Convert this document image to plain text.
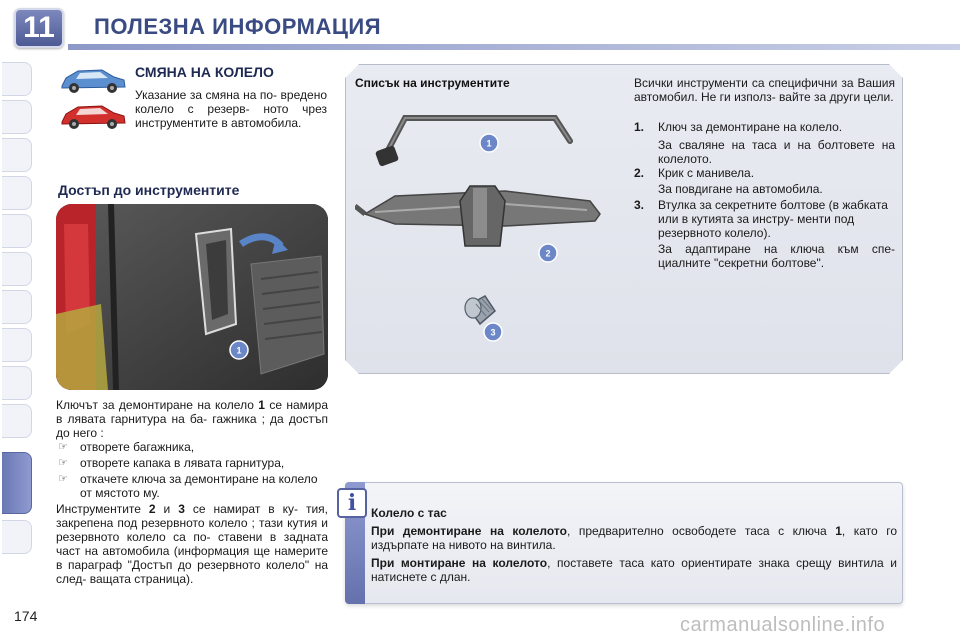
11	ПОЛЕЗНА ИНФОРМАЦИЯ
СМЯНА НА КОЛЕЛО
Указание за смяна на по- вредено колело с резерв- ното чрез инструментите в автомобила.
Достъп до инструментите
1
Ключът за демонтиране на колело 1 се намира в лявата гарнитура на ба- гажника ; да достъп до него :
☞	отворете багажника,
☞	отворете капака в лявата гарнитура,
☞	откачете ключа за демонтиране на колело от мястото му.
Инструментите 2 и 3 се намират в ку- тия, закрепена под резервното колело ; тази кутия и резервното колело са по- ставени в задната част на автомобила (информация ще намерите в параграф "Достъп до резервното колело" на след- ващата страница).
174
Списък на инструментите
1
2
3
Всички инструменти са специфични за Вашия автомобил. Не ги използ- вайте за други цели.
1.	Ключ за демонтиране на колело.
За сваляне на таса и на болтовете на колелото.
2.	Крик с манивела.
За повдигане на автомобила.
3.	Втулка за секретните болтове (в жабката или в кутията за инстру- менти под резервното колело).
За адаптиране на ключа към спе- циалните "секретни болтове".
i	Колело с тас
При демонтиране на колелото, предварително освободете таса с ключа 1, като го издърпате на нивото на винтила.
При монтиране на колелото, поставете таса като ориентирате знака срещу винтила и натиснете с длан.
carmanualsonline.info
